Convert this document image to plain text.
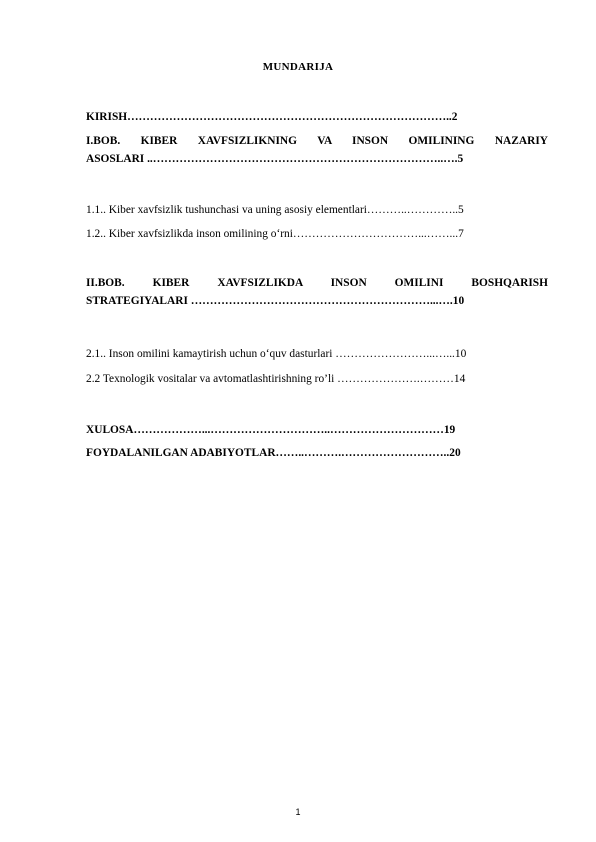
MUNDARIJA
KIRISH…………………………………………………………………………..2
I.BOB. KIBER XAVFSIZLIKNING VA INSON OMILINING NAZARIY
ASOSLARI ..…………………………………………………………………..….5
1.1.. Kiber xavfsizlik tushunchasi va uning asosiy elementlari………..…………..5
1.2.. Kiber xavfsizlikda inson omilining o‘rni……………………………...……...7
II.BOB. KIBER XAVFSIZLIKDA INSON OMILINI BOSHQARISH
STRATEGIYALARI ………………………………………………………...….10
2.1.. Inson omilini kamaytirish uchun o‘quv dasturlari ……………………...…...10
2.2 Texnologik vositalar va avtomatlashtirishning ro’li ………………….………14
XULOSA………………...…………………………..…………………………19
FOYDALANILGAN ADABIYOTLAR……..……….………………………..20
1
